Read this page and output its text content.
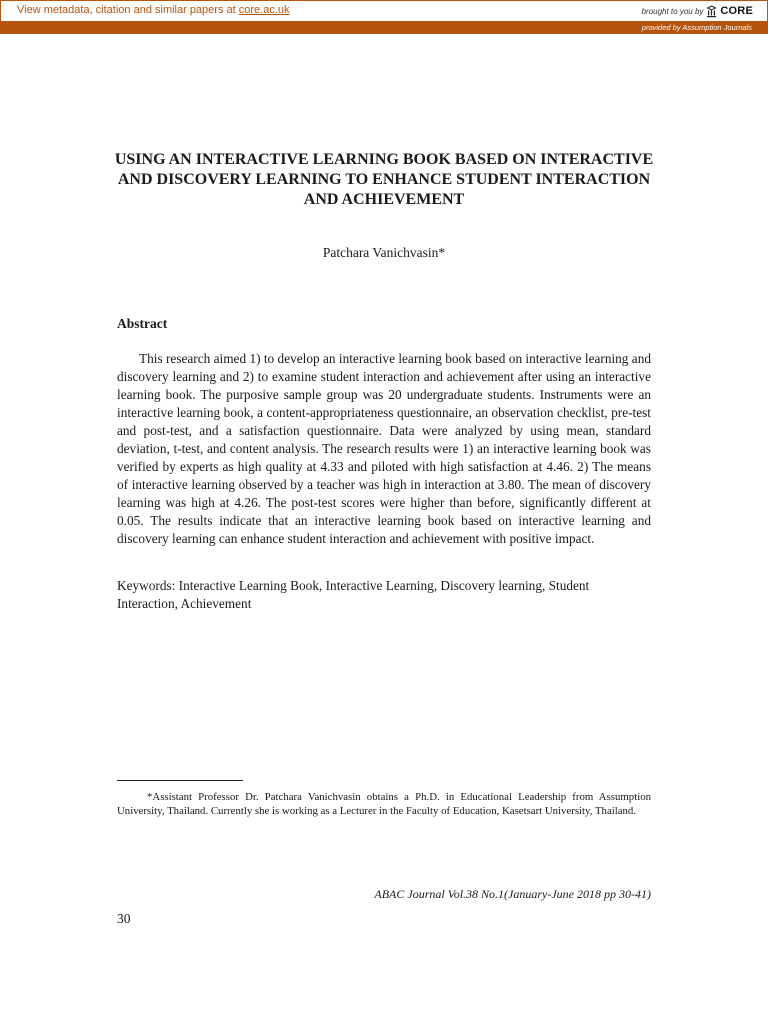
View metadata, citation and similar papers at core.ac.uk	brought to you by CORE
provided by Assumption Journals
USING AN INTERACTIVE LEARNING BOOK BASED ON INTERACTIVE AND DISCOVERY LEARNING TO ENHANCE STUDENT INTERACTION AND ACHIEVEMENT
Patchara Vanichvasin*
Abstract

This research aimed 1) to develop an interactive learning book based on interactive learning and discovery learning and 2) to examine student interaction and achievement after using an interactive learning book. The purposive sample group was 20 undergraduate students. Instruments were an interactive learning book, a content-appropriateness questionnaire, an observation checklist, pre-test and post-test, and a satisfaction questionnaire. Data were analyzed by using mean, standard deviation, t-test, and content analysis. The research results were 1) an interactive learning book was verified by experts as high quality at 4.33 and piloted with high satisfaction at 4.46. 2) The means of interactive learning observed by a teacher was high in interaction at 3.80. The mean of discovery learning was high at 4.26. The post-test scores were higher than before, significantly different at 0.05. The results indicate that an interactive learning book based on interactive learning and discovery learning can enhance student interaction and achievement with positive impact.

Keywords: Interactive Learning Book, Interactive Learning, Discovery learning, Student Interaction, Achievement

*Assistant Professor Dr. Patchara Vanichvasin obtains a Ph.D. in Educational Leadership from Assumption University, Thailand. Currently she is working as a Lecturer in the Faculty of Education, Kasetsart University, Thailand.

ABAC Journal Vol.38 No.1(January-June 2018 pp 30-41)
30
